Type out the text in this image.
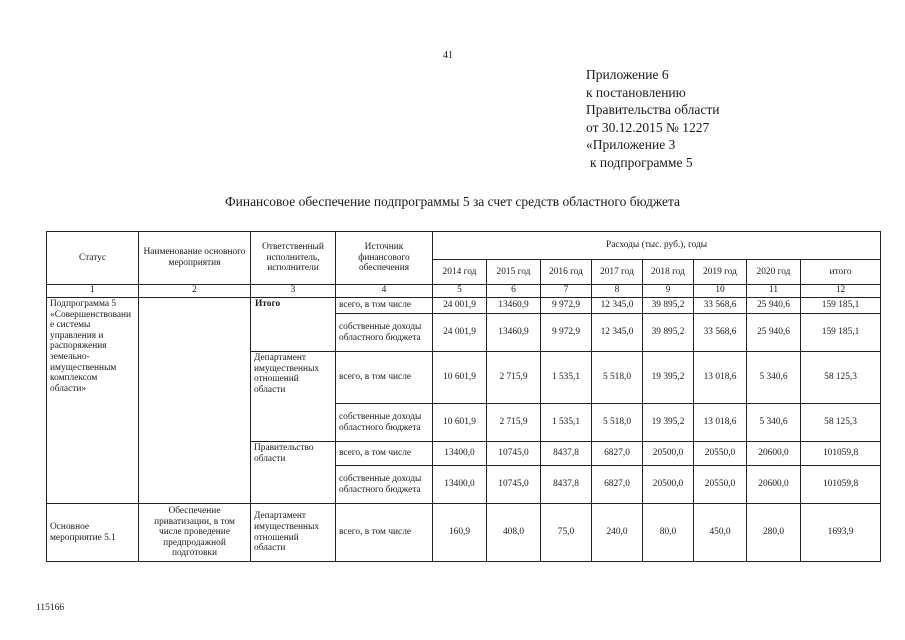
41
Приложение 6
к постановлению
Правительства области
от 30.12.2015 № 1227
«Приложение 3
к подпрограмме 5
Финансовое обеспечение подпрограммы 5 за счет средств областного бюджета
Статус	Наименование основного мероприятия	Ответственный исполнитель, исполнители	Источник финансового обеспечения	Расходы (тыс. руб.), годы							
				2014 год	2015 год	2016 год	2017 год	2018 год	2019 год	2020 год	итого
1	2	3	4	5	6	7	8	9	10	11	12
Подпрограмма 5 «Совершенствование системы управления и распоряжения земельно-имущественным комплексом области»		Итого	всего, в том числе	24 001,9	13460,9	9 972,9	12 345,0	39 895,2	33 568,6	25 940,6	159 185,1
			собственные доходы областного бюджета	24 001,9	13460,9	9 972,9	12 345,0	39 895,2	33 568,6	25 940,6	159 185,1
		Департамент имущественных отношений области	всего, в том числе	10 601,9	2 715,9	1 535,1	5 518,0	19 395,2	13 018,6	5 340,6	58 125,3
			собственные доходы областного бюджета	10 601,9	2 715,9	1 535,1	5 518,0	19 395,2	13 018,6	5 340,6	58 125,3
		Правительство области	всего, в том числе	13400,0	10745,0	8437,8	6827,0	20500,0	20550,0	20600,0	101059,8
			собственные доходы областного бюджета	13400,0	10745,0	8437,8	6827,0	20500,0	20550,0	20600,0	101059,8
Основное мероприятие 5.1	Обеспечение приватизации, в том числе проведение предпродажной подготовки	Департамент имущественных отношений области	всего, в том числе	160,9	408,0	75,0	240,0	80,0	450,0	280,0	1693,9
115166
